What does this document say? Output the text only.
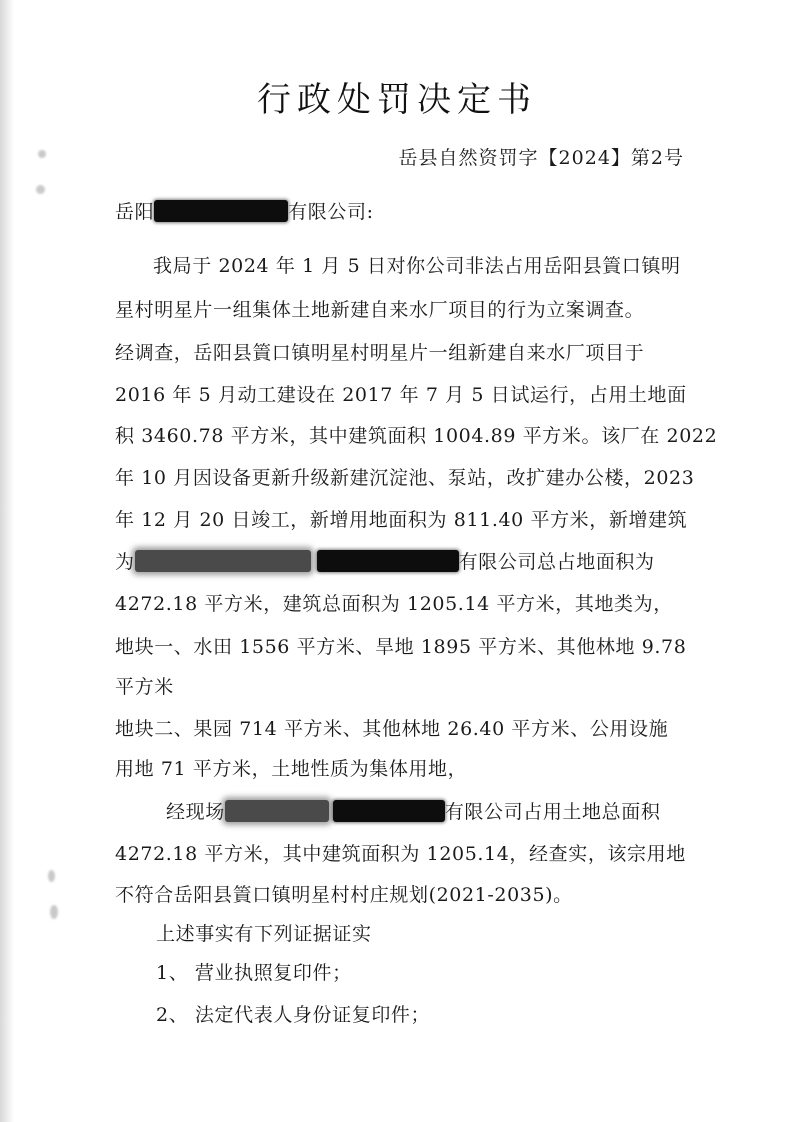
行政处罚决定书
岳县自然资罚字【2024】第2号
岳阳	有限公司:
我局于 2024 年 1 月 5 日对你公司非法占用岳阳县篢口镇明
星村明星片一组集体土地新建自来水厂项目的行为立案调查。
经调查，岳阳县篢口镇明星村明星片一组新建自来水厂项目于
2016 年 5 月动工建设在 2017 年 7 月 5 日试运行，占用土地面
积 3460.78 平方米，其中建筑面积 1004.89 平方米。该厂在 2022
年 10 月因设备更新升级新建沉淀池、泵站，改扩建办公楼，2023
年 12 月 20 日竣工，新增用地面积为 811.40 平方米，新增建筑
为	有限公司总占地面积为
4272.18 平方米，建筑总面积为 1205.14 平方米，其地类为，
地块一、水田 1556 平方米、旱地 1895 平方米、其他林地 9.78
平方米
地块二、果园 714 平方米、其他林地 26.40 平方米、公用设施
用地 71 平方米，土地性质为集体用地，
经现场	有限公司占用土地总面积
4272.18 平方米，其中建筑面积为 1205.14，经查实，该宗用地
不符合岳阳县篢口镇明星村村庄规划(2021-2035)。
上述事实有下列证据证实
1、 营业执照复印件；
2、 法定代表人身份证复印件；
